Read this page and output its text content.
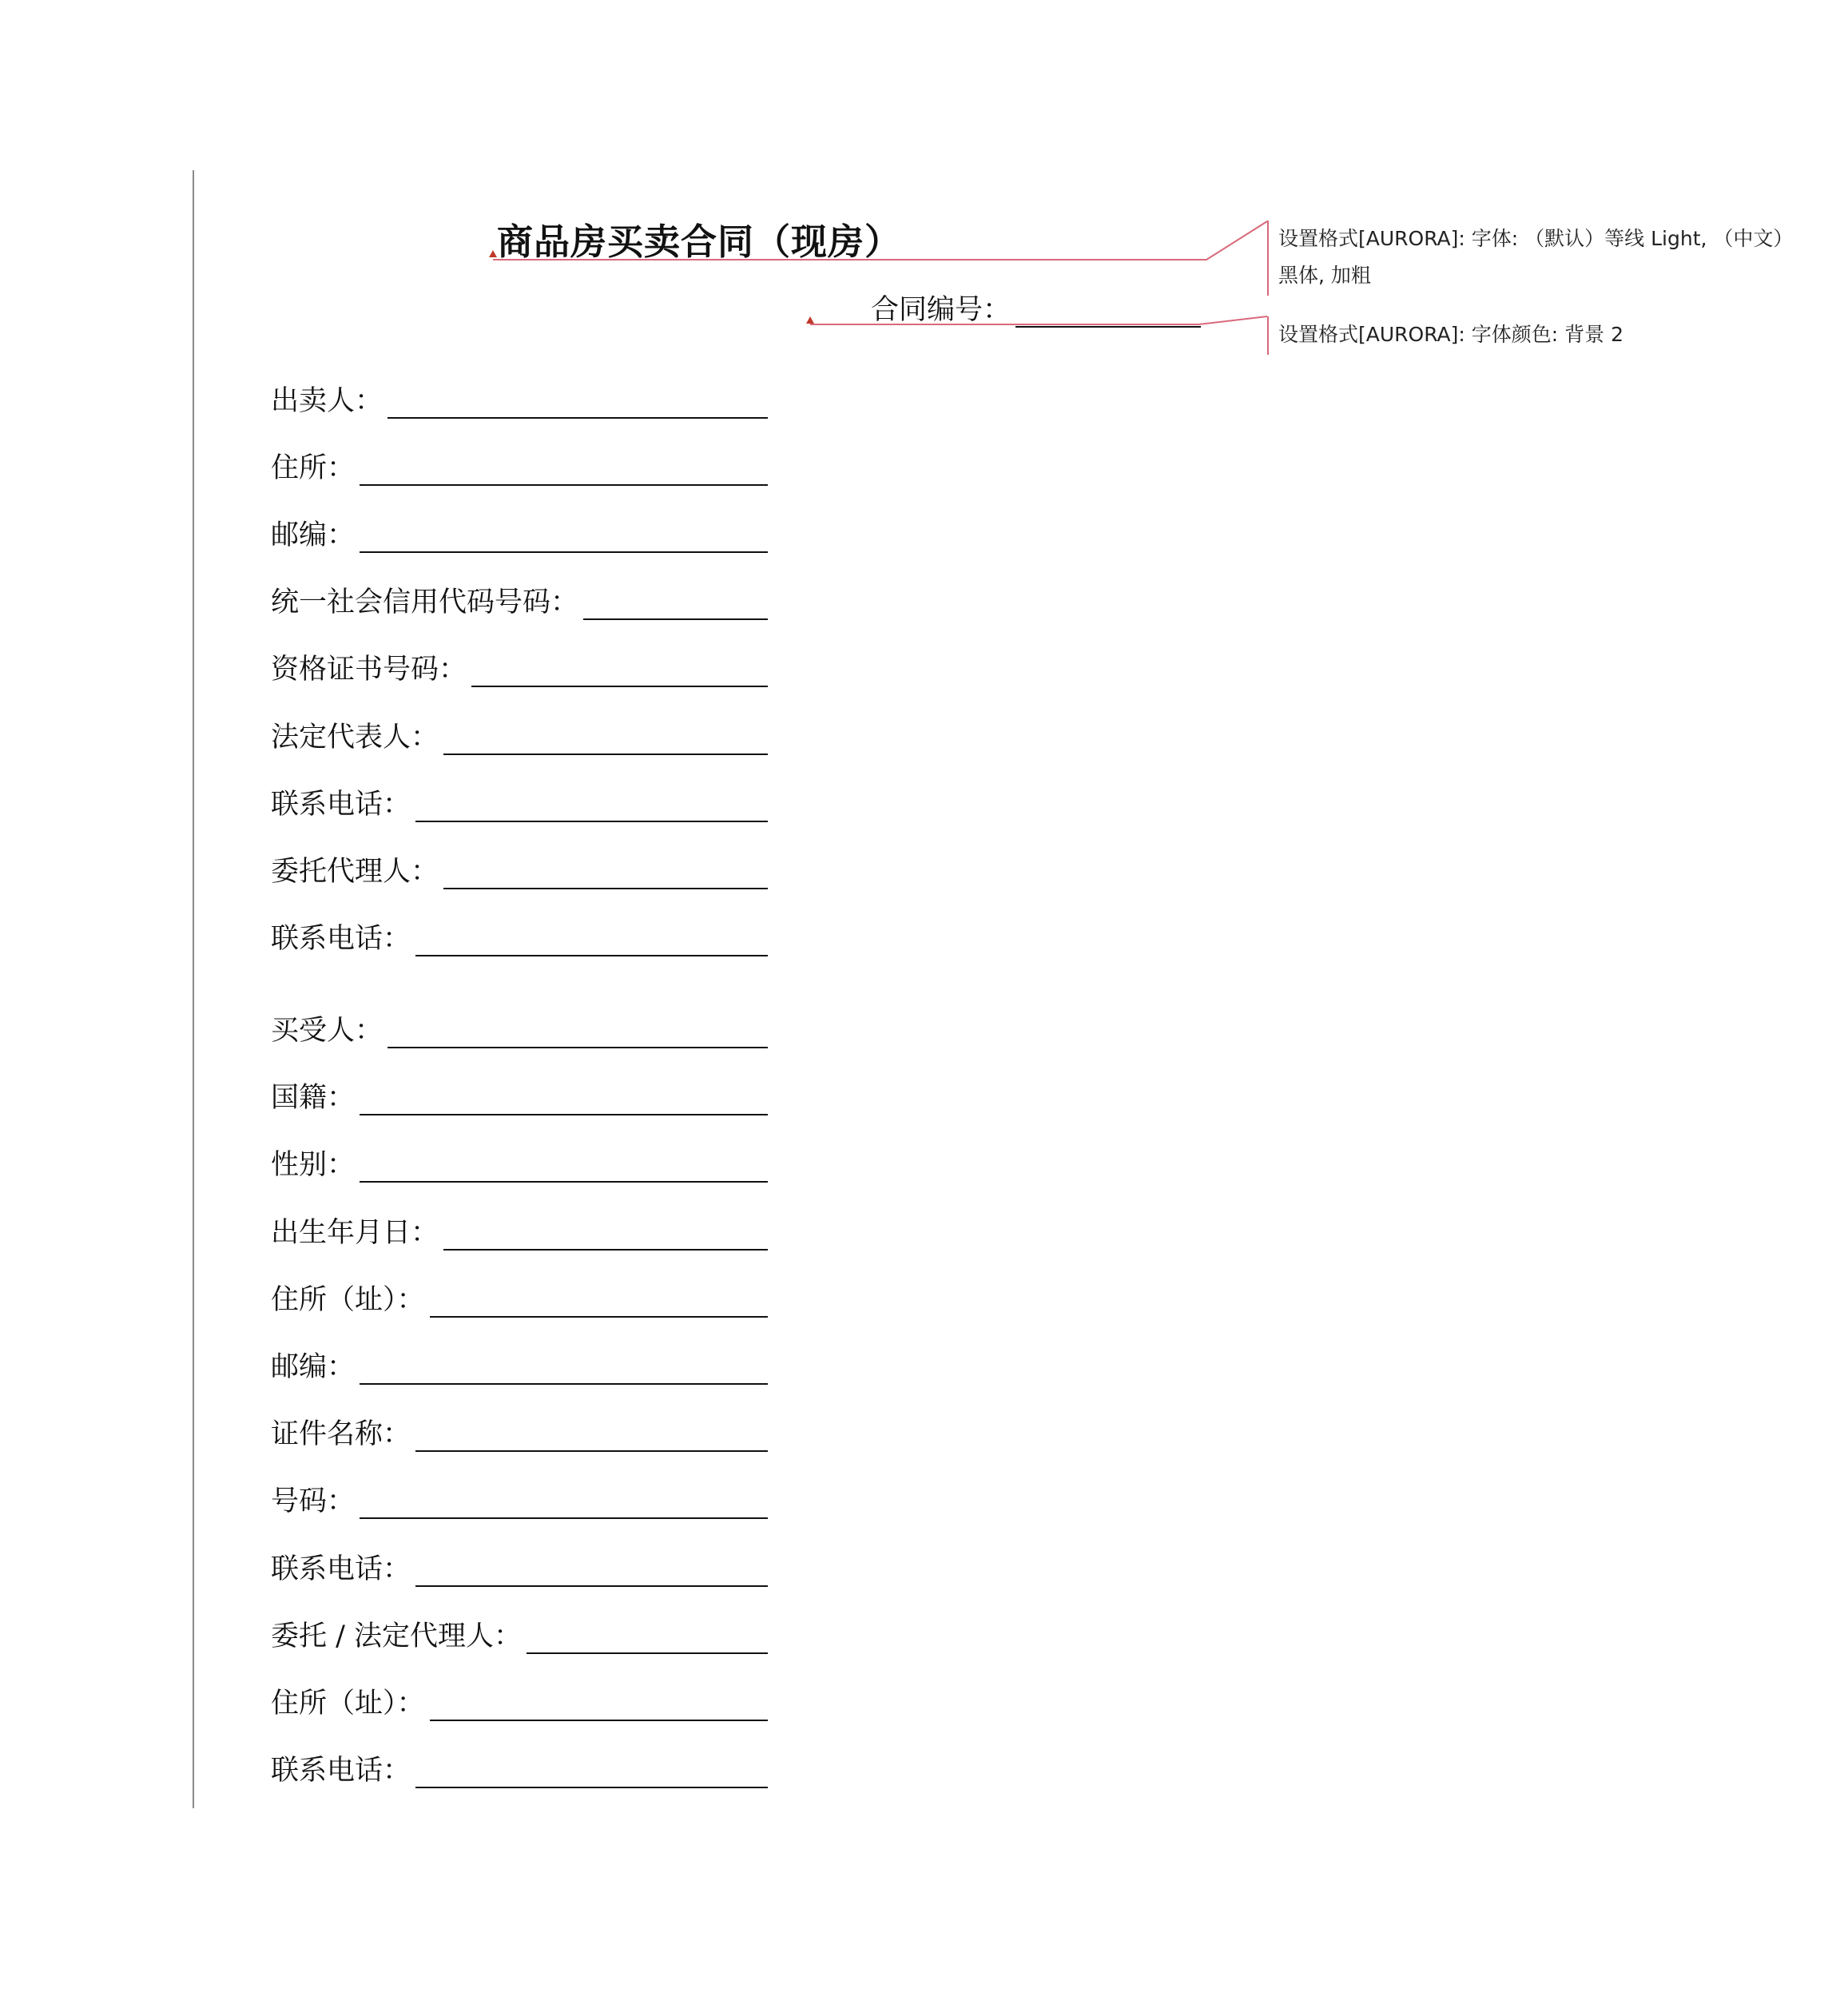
商品房买卖合同（现房）
合同编号：
出卖人：
住所：
邮编：
统一社会信用代码号码：
资格证书号码：
法定代表人：
联系电话：
委托代理人：
联系电话：
买受人：
国籍：
性别：
出生年月日：
住所（址）：
邮编：
证件名称：
号码：
联系电话：
委托 / 法定代理人：
住所（址）：
联系电话：
设置格式[AURORA]: 字体: （默认）等线 Light, （中文）
黑体, 加粗
设置格式[AURORA]: 字体颜色: 背景 2
